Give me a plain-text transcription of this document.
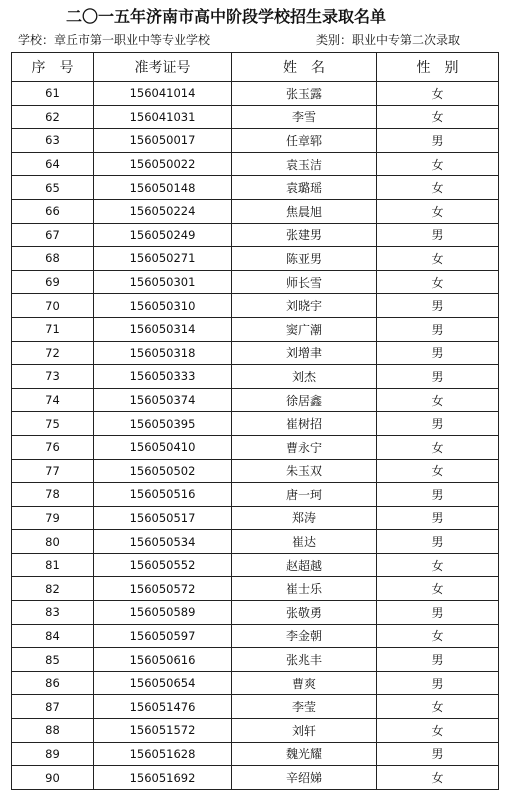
二〇一五年济南市高中阶段学校招生录取名单
学校：章丘市第一职业中等专业学校	类别：职业中专第二次录取
序　号	准考证号	姓　名	性　别
61	156041014	张玉露	女
62	156041031	李雪	女
63	156050017	任章郓	男
64	156050022	袁玉洁	女
65	156050148	袁璐瑶	女
66	156050224	焦晨旭	女
67	156050249	张建男	男
68	156050271	陈亚男	女
69	156050301	师长雪	女
70	156050310	刘晓宇	男
71	156050314	窦广潮	男
72	156050318	刘增聿	男
73	156050333	刘杰	男
74	156050374	徐居鑫	女
75	156050395	崔树招	男
76	156050410	曹永宁	女
77	156050502	朱玉双	女
78	156050516	唐一珂	男
79	156050517	郑涛	男
80	156050534	崔达	男
81	156050552	赵超越	女
82	156050572	崔士乐	女
83	156050589	张敬勇	男
84	156050597	李金朝	女
85	156050616	张兆丰	男
86	156050654	曹爽	男
87	156051476	李莹	女
88	156051572	刘轩	女
89	156051628	魏光耀	男
90	156051692	辛绍娣	女
